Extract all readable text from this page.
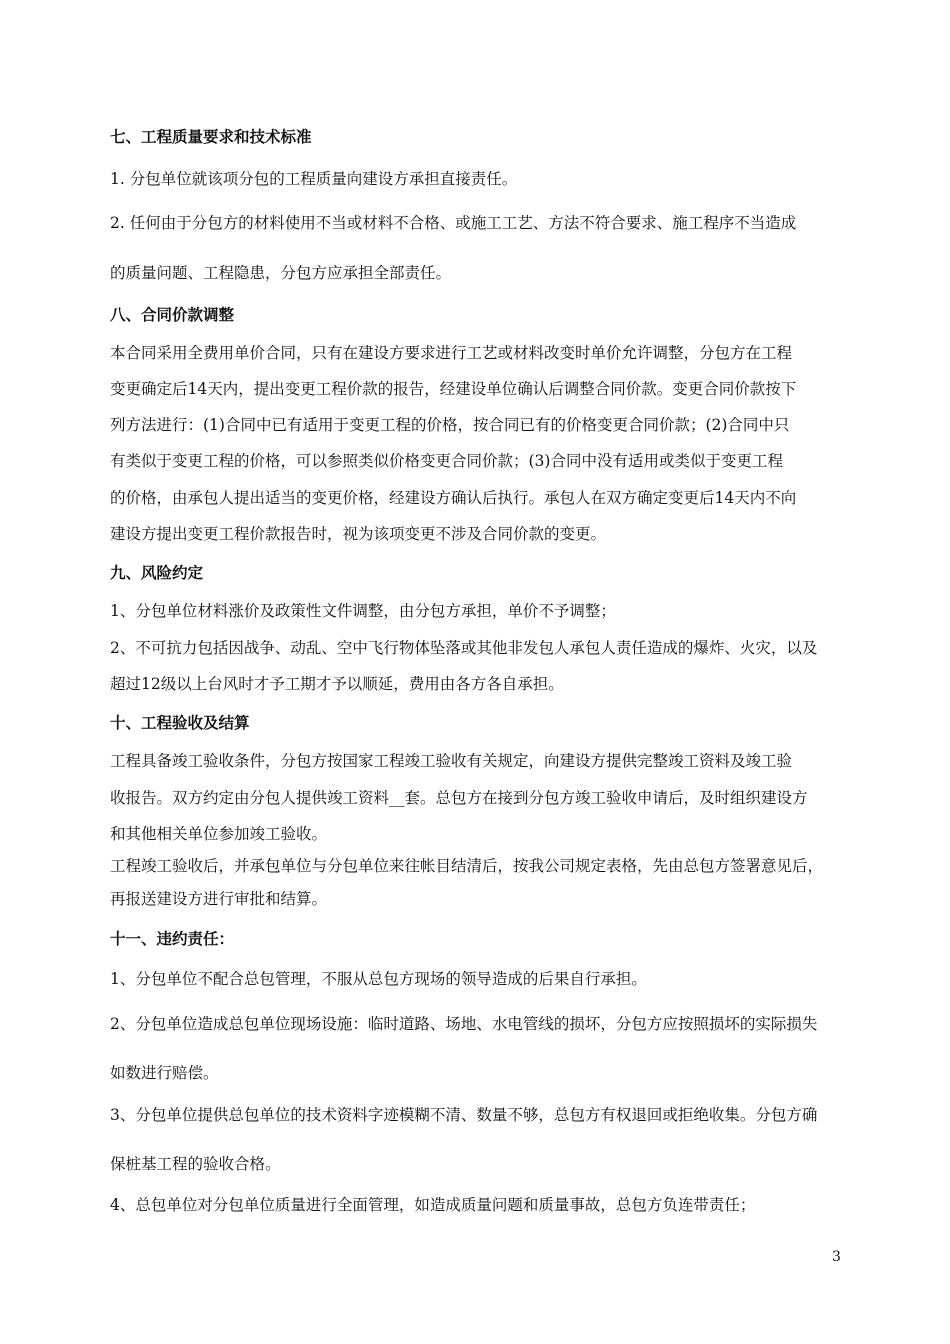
七、工程质量要求和技术标准
1. 分包单位就该项分包的工程质量向建设方承担直接责任。
2. 任何由于分包方的材料使用不当或材料不合格、或施工工艺、方法不符合要求、施工程序不当造成
的质量问题、工程隐患，分包方应承担全部责任。
八、合同价款调整
本合同采用全费用单价合同，只有在建设方要求进行工艺或材料改变时单价允许调整，分包方在工程
变更确定后14天内，提出变更工程价款的报告，经建设单位确认后调整合同价款。变更合同价款按下
列方法进行：(1)合同中已有适用于变更工程的价格，按合同已有的价格变更合同价款；(2)合同中只
有类似于变更工程的价格，可以参照类似价格变更合同价款；(3)合同中没有适用或类似于变更工程
的价格，由承包人提出适当的变更价格，经建设方确认后执行。承包人在双方确定变更后14天内不向
建设方提出变更工程价款报告时，视为该项变更不涉及合同价款的变更。
九、风险约定
1、分包单位材料涨价及政策性文件调整，由分包方承担，单价不予调整；
2、不可抗力包括因战争、动乱、空中飞行物体坠落或其他非发包人承包人责任造成的爆炸、火灾，以及
超过12级以上台风时才予工期才予以顺延，费用由各方各自承担。
十、工程验收及结算
工程具备竣工验收条件，分包方按国家工程竣工验收有关规定，向建设方提供完整竣工资料及竣工验
收报告。双方约定由分包人提供竣工资料__套。总包方在接到分包方竣工验收申请后，及时组织建设方
和其他相关单位参加竣工验收。
工程竣工验收后，并承包单位与分包单位来往帐目结清后，按我公司规定表格，先由总包方签署意见后，
再报送建设方进行审批和结算。
十一、违约责任：
1、分包单位不配合总包管理，不服从总包方现场的领导造成的后果自行承担。
2、分包单位造成总包单位现场设施：临时道路、场地、水电管线的损坏，分包方应按照损坏的实际损失
如数进行赔偿。
3、分包单位提供总包单位的技术资料字迹模糊不清、数量不够，总包方有权退回或拒绝收集。分包方确
保桩基工程的验收合格。
4、总包单位对分包单位质量进行全面管理，如造成质量问题和质量事故，总包方负连带责任；
3
